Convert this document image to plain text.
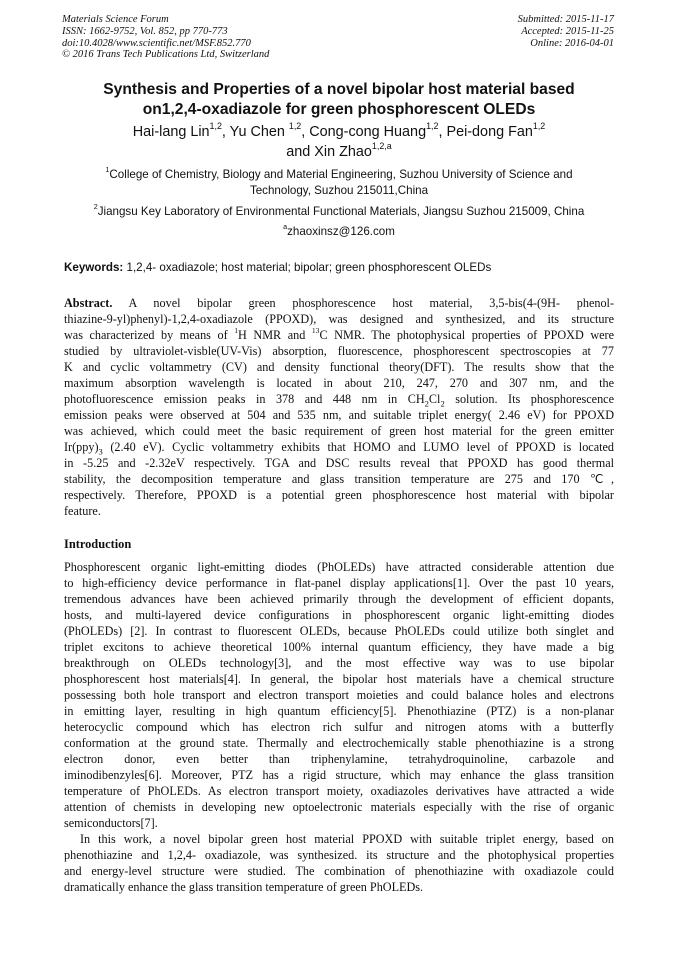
Materials Science Forum
ISSN: 1662-9752, Vol. 852, pp 770-773
doi:10.4028/www.scientific.net/MSF.852.770
© 2016 Trans Tech Publications Ltd, Switzerland
Submitted: 2015-11-17
Accepted: 2015-11-25
Online: 2016-04-01
Synthesis and Properties of a novel bipolar host material based
on1,2,4-oxadiazole for green phosphorescent OLEDs
Hai-lang Lin$^{1,2}$, Yu Chen $^{1,2}$, Cong-cong Huang$^{1,2}$, Pei-dong Fan$^{1,2}$
and Xin Zhao$^{1,2,a}$
$^1$College of Chemistry, Biology and Material Engineering, Suzhou University of Science and
Technology, Suzhou 215011,China
$^2$Jiangsu Key Laboratory of Environmental Functional Materials, Jiangsu Suzhou 215009, China
$^a$zhaoxinsz@126.com
Keywords: 1,2,4- oxadiazole; host material; bipolar; green phosphorescent OLEDs
Abstract. A novel bipolar green phosphorescence host material, 3,5-bis(4-(9H- phenol-
thiazine-9-yl)phenyl)-1,2,4-oxadiazole (PPOXD), was designed and synthesized, and its structure
was characterized by means of $^1$H NMR and $^{13}$C NMR. The photophysical properties of PPOXD were
studied by ultraviolet-visble(UV-Vis) absorption, fluorescence, phosphorescent spectroscopies at 77
K and cyclic voltammetry (CV) and density functional theory(DFT). The results show that the
maximum absorption wavelength is located in about 210, 247, 270 and 307 nm, and the
photofluorescence emission peaks in 378 and 448 nm in $CH_2Cl_2$ solution. Its phosphorescence
emission peaks were observed at 504 and 535 nm, and suitable triplet energy( 2.46 eV) for PPOXD
was achieved, which could meet the basic requirement of green host material for the green emitter
$Ir(ppy)_3$ (2.40 eV). Cyclic voltammetry exhibits that HOMO and LUMO level of PPOXD is located
in -5.25 and -2.32eV respectively. TGA and DSC results reveal that PPOXD has good thermal
stability, the decomposition temperature and glass transition temperature are 275 and 170 ℃,
respectively. Therefore, PPOXD is a potential green phosphorescence host material with bipolar
feature.
Introduction
Phosphorescent organic light-emitting diodes (PhOLEDs) have attracted considerable attention due
to high-efficiency device performance in flat-panel display applications[1]. Over the past 10 years,
tremendous advances have been achieved primarily through the development of efficient dopants,
hosts, and multi-layered device configurations in phosphorescent organic light-emitting diodes
(PhOLEDs) [2]. In contrast to fluorescent OLEDs, because PhOLEDs could utilize both singlet and
triplet excitons to achieve theoretical 100% internal quantum efficiency, they have made a big
breakthrough on OLEDs technology[3], and the most effective way was to use bipolar
phosphorescent host materials[4]. In general, the bipolar host materials have a chemical structure
possessing both hole transport and electron transport moieties and could balance holes and electrons
in emitting layer, resulting in high quantum efficiency[5]. Phenothiazine (PTZ) is a non-planar
heterocyclic compound which has electron rich sulfur and nitrogen atoms with a butterfly
conformation at the ground state. Thermally and electrochemically stable phenothiazine is a strong
electron donor, even better than triphenylamine, tetrahydroquinoline, carbazole and
iminodibenzyles[6]. Moreover, PTZ has a rigid structure, which may enhance the glass transition
temperature of PhOLEDs. As electron transport moiety, oxadiazoles derivatives have attracted a wide
attention of chemists in developing new optoelectronic materials especially with the rise of organic
semiconductors[7].
In this work, a novel bipolar green host material PPOXD with suitable triplet energy, based on
phenothiazine and 1,2,4- oxadiazole, was synthesized. its structure and the photophysical properties
and energy-level structure were studied. The combination of phenothiazine with oxadiazole could
dramatically enhance the glass transition temperature of green PhOLEDs.
